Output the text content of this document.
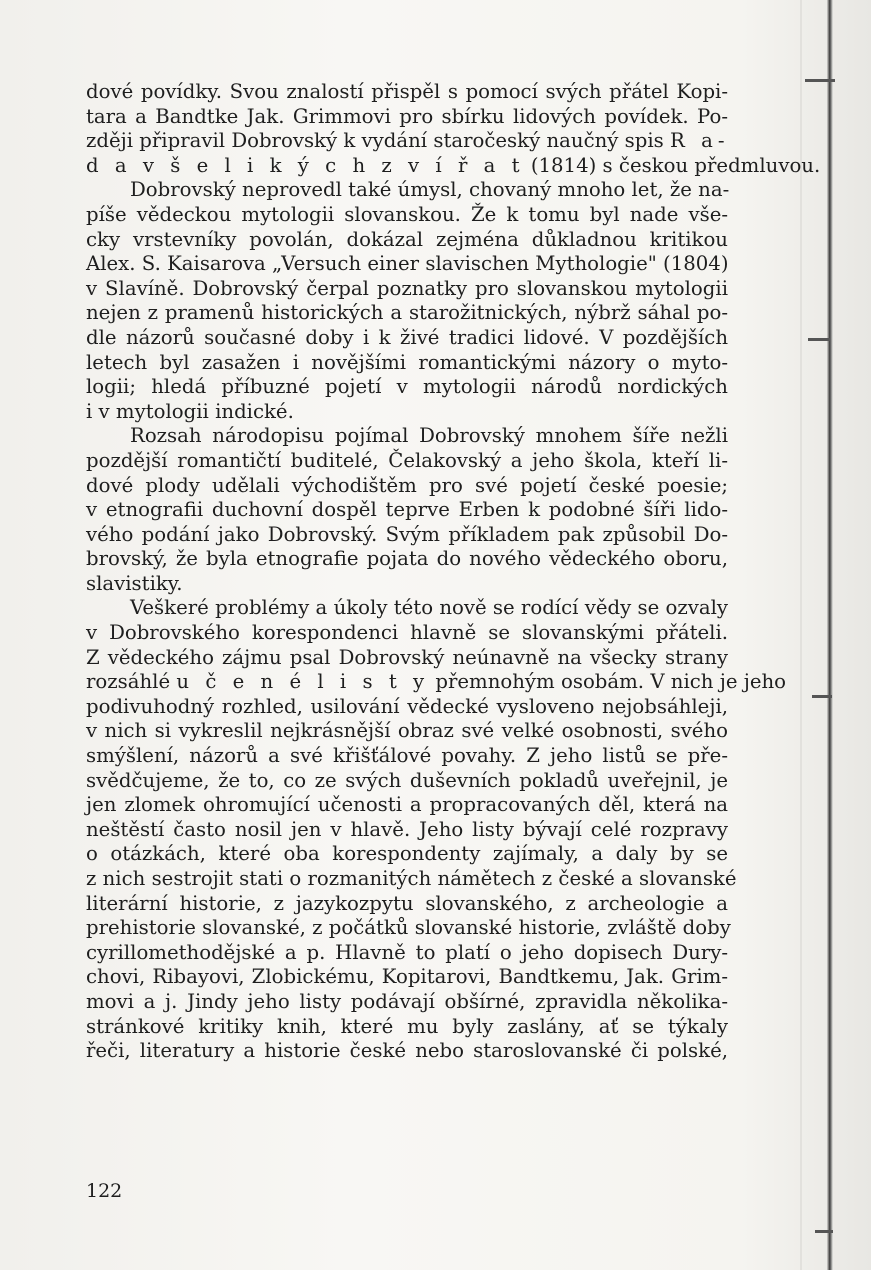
dové povídky. Svou znalostí přispěl s pomocí svých přátel Kopi-
tara a Bandtke Jak. Grimmovi pro sbírku lidových povídek. Po-
zději připravil Dobrovský k vydání staročeský naučný spis R a-
d a v š e l i k ý c h z v í ř a t (1814) s českou předmluvou.
Dobrovský neprovedl také úmysl, chovaný mnoho let, že na-
píše vědeckou mytologii slovanskou. Že k tomu byl nade vše-
cky vrstevníky povolán, dokázal zejména důkladnou kritikou
Alex. S. Kaisarova „Versuch einer slavischen Mythologie" (1804)
v Slavíně. Dobrovský čerpal poznatky pro slovanskou mytologii
nejen z pramenů historických a starožitnických, nýbrž sáhal po-
dle názorů současné doby i k živé tradici lidové. V pozdějších
letech byl zasažen i novějšími romantickými názory o myto-
logii; hledá příbuzné pojetí v mytologii národů nordických
i v mytologii indické.
Rozsah národopisu pojímal Dobrovský mnohem šíře nežli
pozdější romantičtí buditelé, Čelakovský a jeho škola, kteří li-
dové plody udělali východištěm pro své pojetí české poesie;
v etnografii duchovní dospěl teprve Erben k podobné šíři lido-
vého podání jako Dobrovský. Svým příkladem pak způsobil Do-
brovský, že byla etnografie pojata do nového vědeckého oboru,
slavistiky.
Veškeré problémy a úkoly této nově se rodící vědy se ozvaly
v Dobrovského korespondenci hlavně se slovanskými přáteli.
Z vědeckého zájmu psal Dobrovský neúnavně na všecky strany
rozsáhlé u č e n é l i s t y přemnohým osobám. V nich je jeho
podivuhodný rozhled, usilování vědecké vysloveno nejobsáhleji,
v nich si vykreslil nejkrásnější obraz své velké osobnosti, svého
smýšlení, názorů a své křišťálové povahy. Z jeho listů se pře-
svědčujeme, že to, co ze svých duševních pokladů uveřejnil, je
jen zlomek ohromující učenosti a propracovaných děl, která na
neštěstí často nosil jen v hlavě. Jeho listy bývají celé rozpravy
o otázkách, které oba korespondenty zajímaly, a daly by se
z nich sestrojit stati o rozmanitých námětech z české a slovanské
literární historie, z jazykozpytu slovanského, z archeologie a
prehistorie slovanské, z počátků slovanské historie, zvláště doby
cyrillomethodějské a p. Hlavně to platí o jeho dopisech Dury-
chovi, Ribayovi, Zlobickému, Kopitarovi, Bandtkemu, Jak. Grim-
movi a j. Jindy jeho listy podávají obšírné, zpravidla několika-
stránkové kritiky knih, které mu byly zaslány, ať se týkaly
řeči, literatury a historie české nebo staroslovanské či polské,
122
